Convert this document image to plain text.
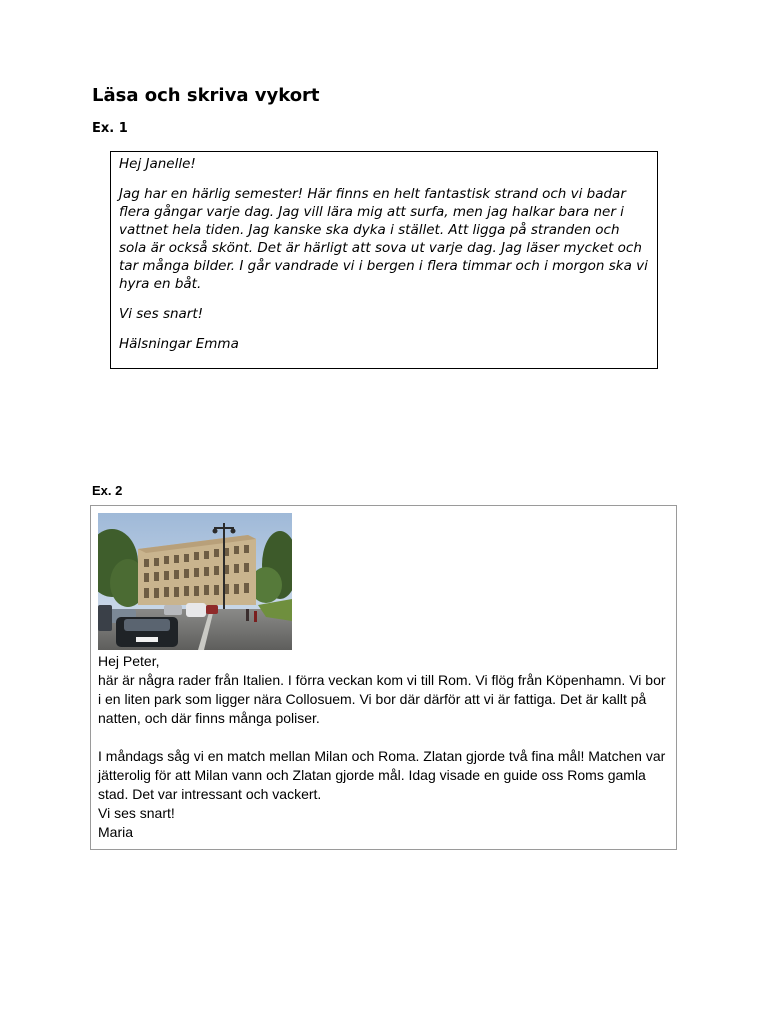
Läsa och skriva vykort
Ex. 1

Hej Janelle!

Jag har en härlig semester! Här finns en helt fantastisk strand och vi badar flera gångar varje dag. Jag vill lära mig att surfa, men jag halkar bara ner i vattnet hela tiden. Jag kanske ska dyka i stället. Att ligga på stranden och sola är också skönt. Det är härligt att sova ut varje dag. Jag läser mycket och tar många bilder. I går vandrade vi i bergen i flera timmar och i morgon ska vi hyra en båt.

Vi ses snart!

Hälsningar Emma

Ex. 2

Hej Peter,

här är några rader från Italien. I förra veckan kom vi till Rom. Vi flög från Köpenhamn. Vi bor i en liten park som ligger nära Collosuem. Vi bor där därför att vi är fattiga. Det är kallt på natten, och där finns många poliser.

I måndags såg vi en match mellan Milan och Roma. Zlatan gjorde två fina mål! Matchen var jätterolig för att Milan vann och Zlatan gjorde mål. Idag visade en guide oss Roms gamla stad. Det var intressant och vackert.

Vi ses snart!

Maria
